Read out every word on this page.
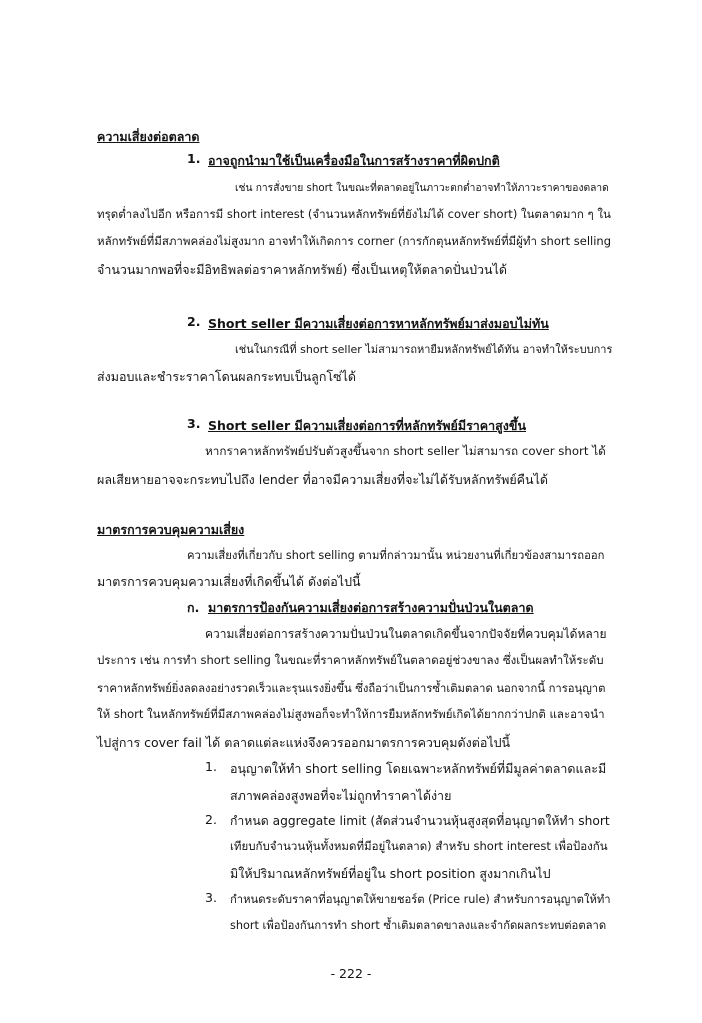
ความเสี่ยงต่อตลาด
1. อาจถูกนำมาใช้เป็นเครื่องมือในการสร้างราคาที่ผิดปกติ
เช่น การสั่งขาย short ในขณะที่ตลาดอยู่ในภาวะตกต่ำอาจทำให้ภาวะราคาของตลาด
ทรุดต่ำลงไปอีก หรือการมี short interest (จำนวนหลักทรัพย์ที่ยังไม่ได้ cover short) ในตลาดมาก ๆ ใน
หลักทรัพย์ที่มีสภาพคล่องไม่สูงมาก อาจทำให้เกิดการ corner (การกักตุนหลักทรัพย์ที่มีผู้ทำ short selling
จำนวนมากพอที่จะมีอิทธิพลต่อราคาหลักทรัพย์) ซึ่งเป็นเหตุให้ตลาดปั่นป่วนได้
2. Short seller มีความเสี่ยงต่อการหาหลักทรัพย์มาส่งมอบไม่ทัน
เช่นในกรณีที่ short seller ไม่สามารถหายืมหลักทรัพย์ได้ทัน อาจทำให้ระบบการ
ส่งมอบและชำระราคาโดนผลกระทบเป็นลูกโซ่ได้
3. Short seller มีความเสี่ยงต่อการที่หลักทรัพย์มีราคาสูงขึ้น
หากราคาหลักทรัพย์ปรับตัวสูงขึ้นจาก short seller ไม่สามารถ cover short ได้
ผลเสียหายอาจจะกระทบไปถึง lender ที่อาจมีความเสี่ยงที่จะไม่ได้รับหลักทรัพย์คืนได้
มาตรการควบคุมความเสี่ยง
ความเสี่ยงที่เกี่ยวกับ short selling ตามที่กล่าวมานั้น หน่วยงานที่เกี่ยวข้องสามารถออก
มาตรการควบคุมความเสี่ยงที่เกิดขึ้นได้ ดังต่อไปนี้
ก. มาตรการป้องกันความเสี่ยงต่อการสร้างความปั่นป่วนในตลาด
ความเสี่ยงต่อการสร้างความปั่นป่วนในตลาดเกิดขึ้นจากปัจจัยที่ควบคุมได้หลาย
ประการ เช่น การทำ short selling ในขณะที่ราคาหลักทรัพย์ในตลาดอยู่ช่วงขาลง ซึ่งเป็นผลทำให้ระดับ
ราคาหลักทรัพย์ยิ่งลดลงอย่างรวดเร็วและรุนแรงยิ่งขึ้น ซึ่งถือว่าเป็นการซ้ำเติมตลาด นอกจากนี้ การอนุญาต
ให้ short ในหลักทรัพย์ที่มีสภาพคล่องไม่สูงพอก็จะทำให้การยืมหลักทรัพย์เกิดได้ยากกว่าปกติ และอาจนำ
ไปสู่การ cover fail ได้ ตลาดแต่ละแห่งจึงควรออกมาตรการควบคุมดังต่อไปนี้
1. อนุญาตให้ทำ short selling โดยเฉพาะหลักทรัพย์ที่มีมูลค่าตลาดและมี
สภาพคล่องสูงพอที่จะไม่ถูกทำราคาได้ง่าย
2. กำหนด aggregate limit (สัดส่วนจำนวนหุ้นสูงสุดที่อนุญาตให้ทำ short
เทียบกับจำนวนหุ้นทั้งหมดที่มีอยู่ในตลาด) สำหรับ short interest เพื่อป้องกัน
มิให้ปริมาณหลักทรัพย์ที่อยู่ใน short position สูงมากเกินไป
3. กำหนดระดับราคาที่อนุญาตให้ขายชอร์ต (Price rule) สำหรับการอนุญาตให้ทำ
short เพื่อป้องกันการทำ short ซ้ำเติมตลาดขาลงและจำกัดผลกระทบต่อตลาด
- 222 -
